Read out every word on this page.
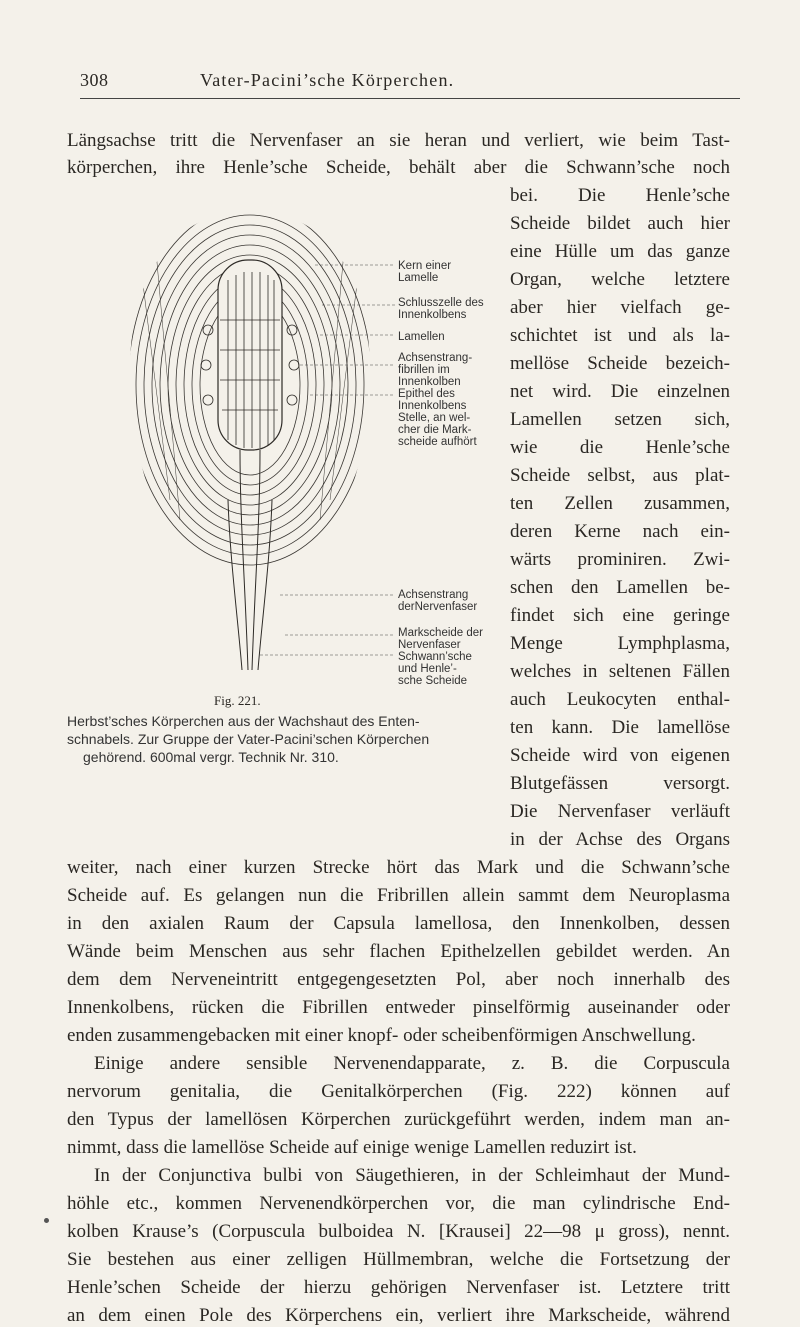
308	Vater-Pacini’sche Körperchen.
Längsachse tritt die Nervenfaser an sie heran und verliert, wie beim Tast-
körperchen, ihre Henle’sche Scheide, behält aber die Schwann’sche noch
bei. Die Henle’sche
Scheide bildet auch hier
eine Hülle um das ganze
Organ, welche letztere
aber hier vielfach ge-
schichtet ist und als la-
mellöse Scheide bezeich-
net wird. Die einzelnen
Lamellen setzen sich,
wie die Henle’sche
Scheide selbst, aus plat-
ten Zellen zusammen,
deren Kerne nach ein-
wärts prominiren. Zwi-
schen den Lamellen be-
findet sich eine geringe
Menge Lymphplasma,
welches in seltenen Fällen
auch Leukocyten enthal-
ten kann. Die lamellöse
Scheide wird von eigenen
Blutgefässen versorgt.
Die Nervenfaser verläuft
in der Achse des Organs
Kern einer
Lamelle
Schlusszelle des
Innenkolbens
Lamellen
Achsenstrang-
fibrillen im
Innenkolben
Epithel des
Innenkolbens
Stelle, an wel-
cher die Mark-
scheide aufhört
Achsenstrang
derNervenfaser
Markscheide der
Nervenfaser
Schwann’sche
und Henle’-
sche Scheide
Fig. 221.
Herbst’sches Körperchen aus der Wachshaut des Enten-
schnabels. Zur Gruppe der Vater-Pacini’schen Körperchen
gehörend. 600mal vergr. Technik Nr. 310.
weiter, nach einer kurzen Strecke hört das Mark und die Schwann’sche
Scheide auf. Es gelangen nun die Fribrillen allein sammt dem Neuroplasma
in den axialen Raum der Capsula lamellosa, den Innenkolben, dessen
Wände beim Menschen aus sehr flachen Epithelzellen gebildet werden. An
dem dem Nerveneintritt entgegengesetzten Pol, aber noch innerhalb des
Innenkolbens, rücken die Fibrillen entweder pinselförmig auseinander oder
enden zusammengebacken mit einer knopf- oder scheibenförmigen Anschwellung.
Einige andere sensible Nervenendapparate, z. B. die Corpuscula
nervorum genitalia, die Genitalkörperchen (Fig. 222) können auf
den Typus der lamellösen Körperchen zurückgeführt werden, indem man an-
nimmt, dass die lamellöse Scheide auf einige wenige Lamellen reduzirt ist.
In der Conjunctiva bulbi von Säugethieren, in der Schleimhaut der Mund-
höhle etc., kommen Nervenendkörperchen vor, die man cylindrische End-
kolben Krause’s (Corpuscula bulboidea N. [Krausei] 22—98 μ gross), nennt.
Sie bestehen aus einer zelligen Hüllmembran, welche die Fortsetzung der
Henle’schen Scheide der hierzu gehörigen Nervenfaser ist. Letztere tritt
an dem einen Pole des Körperchens ein, verliert ihre Markscheide, während
